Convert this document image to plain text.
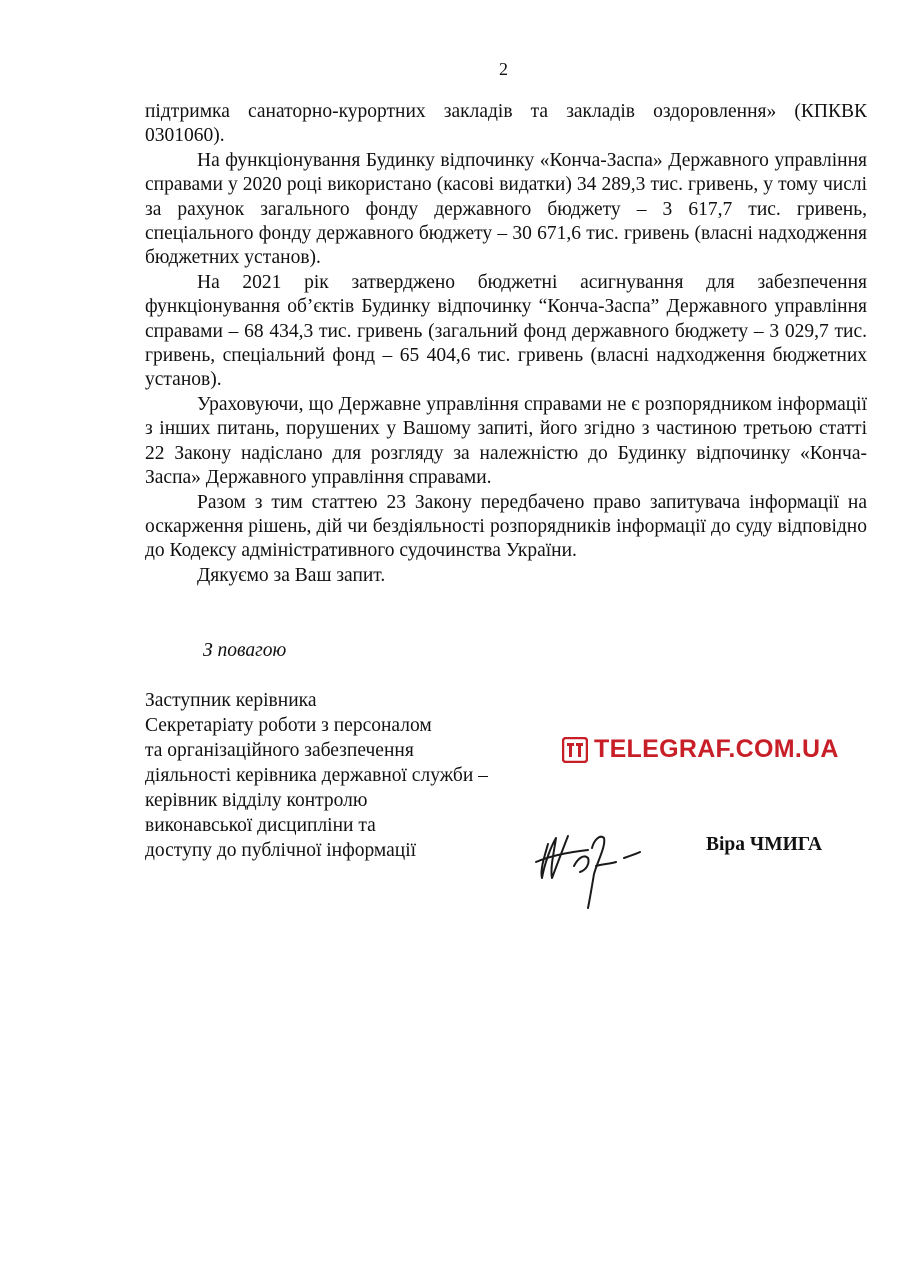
2

підтримка санаторно-курортних закладів та закладів оздоровлення» (КПКВК 0301060).

На функціонування Будинку відпочинку «Конча-Заспа» Державного управління справами у 2020 році використано (касові видатки) 34 289,3 тис. гривень, у тому числі за рахунок загального фонду державного бюджету – 3 617,7 тис. гривень, спеціального фонду державного бюджету – 30 671,6 тис. гривень (власні надходження бюджетних установ).

На 2021 рік затверджено бюджетні асигнування для забезпечення функціонування об’єктів Будинку відпочинку “Конча-Заспа” Державного управління справами – 68 434,3 тис. гривень (загальний фонд державного бюджету – 3 029,7 тис. гривень, спеціальний фонд – 65 404,6 тис. гривень (власні надходження бюджетних установ).

Ураховуючи, що Державне управління справами не є розпорядником інформації з інших питань, порушених у Вашому запиті, його згідно з частиною третьою статті 22 Закону надіслано для розгляду за належністю до Будинку відпочинку «Конча-Заспа» Державного управління справами.

Разом з тим статтею 23 Закону передбачено право запитувача інформації на оскарження рішень, дій чи бездіяльності розпорядників інформації до суду відповідно до Кодексу адміністративного судочинства України.

Дякуємо за Ваш запит.

З повагою
Заступник керівника
Секретаріату роботи з персоналом
та організаційного забезпечення
діяльності керівника державної служби –
керівник відділу контролю
виконавської дисципліни та
доступу до публічної інформації
TELEGRAF.COM.UA
Віра ЧМИГА
